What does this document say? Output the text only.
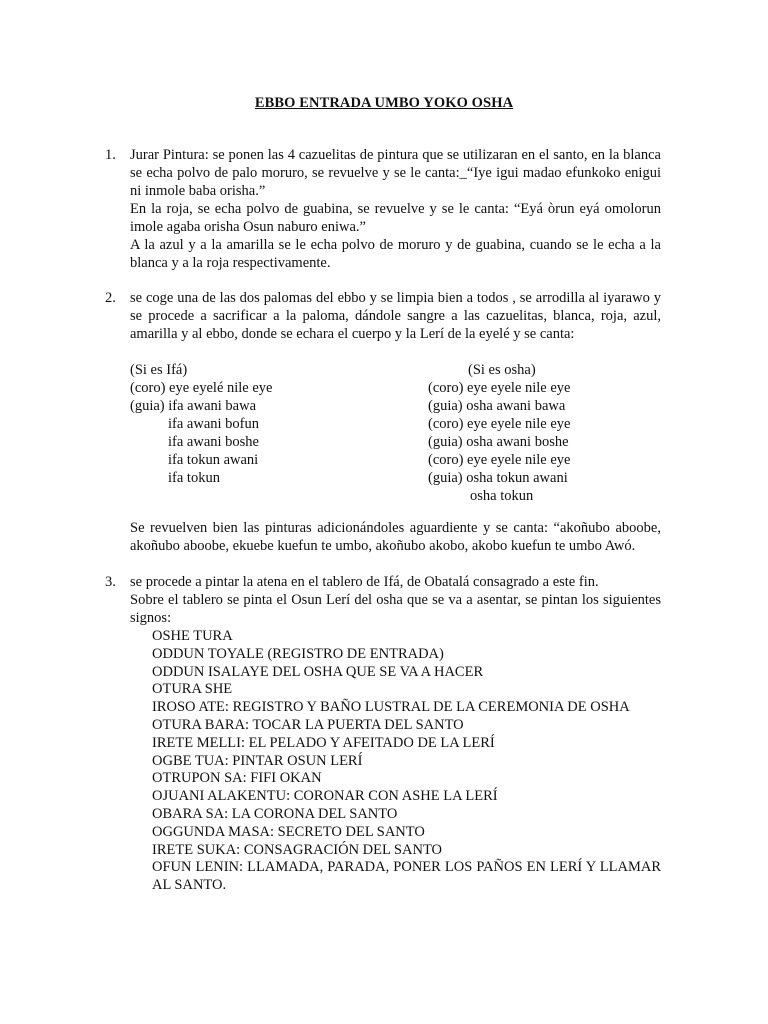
EBBO ENTRADA UMBO YOKO OSHA
1. Jurar Pintura: se ponen las 4 cazuelitas de pintura que se utilizaran en el santo, en la blanca se echa polvo de palo moruro, se revuelve y se le canta:_“Iye igui madao efunkoko enigui ni inmole baba orisha.”

En la roja, se echa polvo de guabina, se revuelve y se le canta: “Eyá òrun eyá omolorun imole agaba orisha Osun naburo eniwa.”

A la azul y a la amarilla se le echa polvo de moruro y de guabina, cuando se le echa a la blanca y a la roja respectivamente.

2. se coge una de las dos palomas del ebbo y se limpia bien a todos , se arrodilla al iyarawo y se procede a sacrificar a la paloma, dándole sangre a las cazuelitas, blanca, roja, azul, amarilla y al ebbo, donde se echara el cuerpo y la Lerí de la eyelé y se canta:

(Si es Ifá)
(coro) eye eyelé nile eye
(guia) ifa awani bawa
ifa awani bofun
ifa awani boshe
ifa tokun awani
ifa tokun
(Si es osha)
(coro) eye eyele nile eye
(guia) osha awani bawa
(coro) eye eyele nile eye
(guia) osha awani boshe
(coro) eye eyele nile eye
(guia) osha tokun awani
osha tokun

Se revuelven bien las pinturas adicionándoles aguardiente y se canta: “akoñubo aboobe, akoñubo aboobe, ekuebe kuefun te umbo, akoñubo akobo, akobo kuefun te umbo Awó.

3. se procede a pintar la atena en el tablero de Ifá, de Obatalá consagrado a este fin.

Sobre el tablero se pinta el Osun Lerí del osha que se va a asentar, se pintan los siguientes signos:

OSHE TURA
ODDUN TOYALE (REGISTRO DE ENTRADA)
ODDUN ISALAYE DEL OSHA QUE SE VA A HACER
OTURA SHE
IROSO ATE: REGISTRO Y BAÑO LUSTRAL DE LA CEREMONIA DE OSHA
OTURA BARA: TOCAR LA PUERTA DEL SANTO
IRETE MELLI: EL PELADO Y AFEITADO DE LA LERÍ
OGBE TUA: PINTAR OSUN LERÍ
OTRUPON SA: FIFI OKAN
OJUANI ALAKENTU: CORONAR CON ASHE LA LERÍ
OBARA SA: LA CORONA DEL SANTO
OGGUNDA MASA: SECRETO DEL SANTO
IRETE SUKA: CONSAGRACIÓN DEL SANTO

OFUN LENIN: LLAMADA, PARADA, PONER LOS PAÑOS EN LERÍ Y LLAMAR AL SANTO.
